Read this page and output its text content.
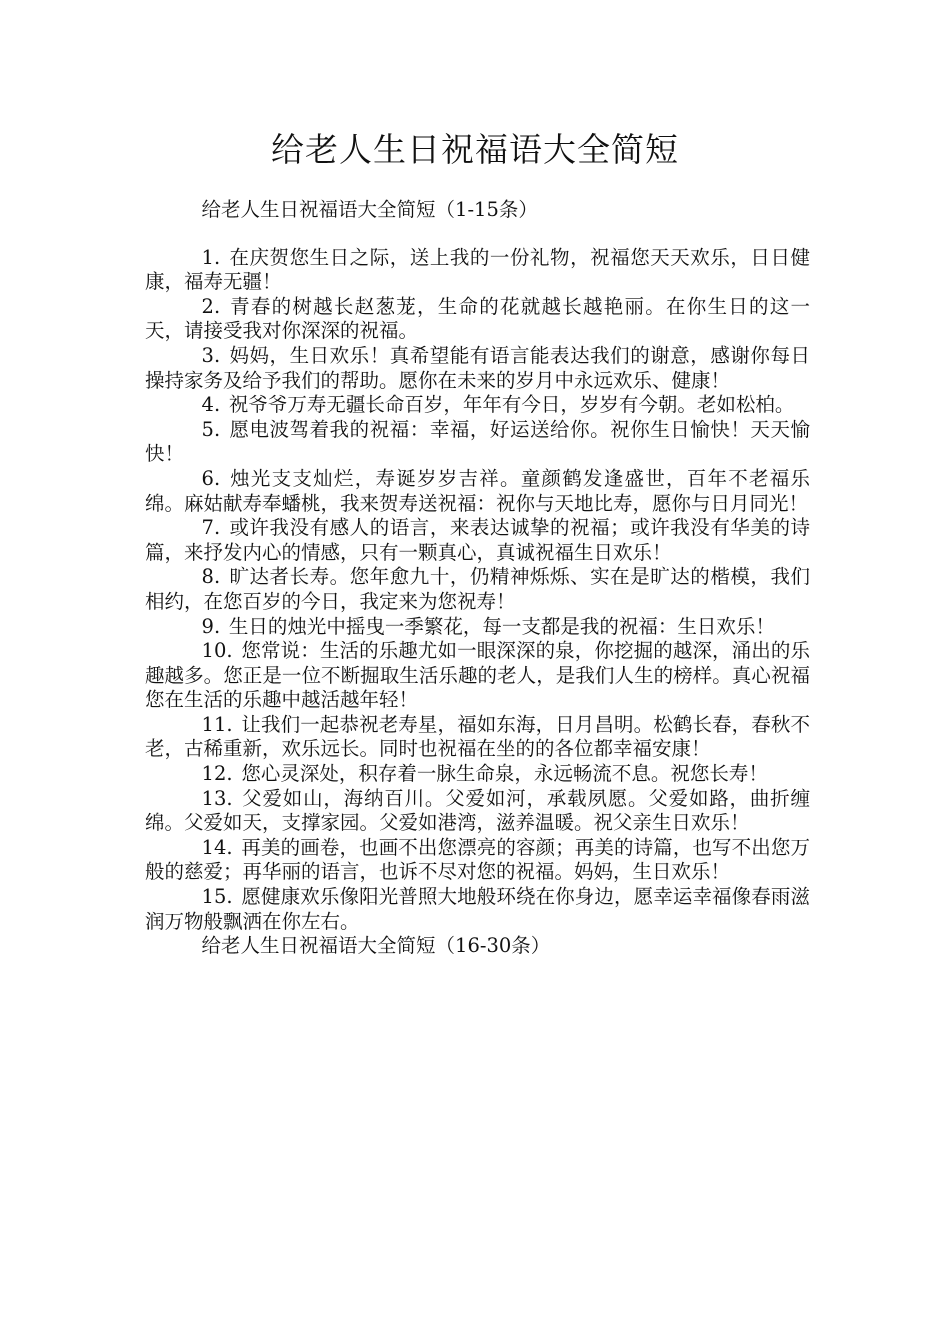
给老人生日祝福语大全简短

给老人生日祝福语大全简短（1-15条）

1. 在庆贺您生日之际，送上我的一份礼物，祝福您天天欢乐，日日健康，福寿无疆！

2. 青春的树越长赵葱茏，生命的花就越长越艳丽。在你生日的这一天，请接受我对你深深的祝福。

3. 妈妈，生日欢乐！真希望能有语言能表达我们的谢意，感谢你每日操持家务及给予我们的帮助。愿你在未来的岁月中永远欢乐、健康！

4. 祝爷爷万寿无疆长命百岁，年年有今日，岁岁有今朝。老如松柏。

5. 愿电波驾着我的祝福：幸福，好运送给你。祝你生日愉快！天天愉快！

6. 烛光支支灿烂，寿诞岁岁吉祥。童颜鹤发逢盛世，百年不老福乐绵。麻姑献寿奉蟠桃，我来贺寿送祝福：祝你与天地比寿，愿你与日月同光！

7. 或许我没有感人的语言，来表达诚挚的祝福；或许我没有华美的诗篇，来抒发内心的情感，只有一颗真心，真诚祝福生日欢乐！

8. 旷达者长寿。您年愈九十，仍精神烁烁、实在是旷达的楷模，我们相约，在您百岁的今日，我定来为您祝寿！

9. 生日的烛光中摇曳一季繁花，每一支都是我的祝福：生日欢乐！

10. 您常说：生活的乐趣尤如一眼深深的泉，你挖掘的越深，涌出的乐趣越多。您正是一位不断掘取生活乐趣的老人，是我们人生的榜样。真心祝福您在生活的乐趣中越活越年轻！

11. 让我们一起恭祝老寿星，福如东海，日月昌明。松鹤长春，春秋不老，古稀重新，欢乐远长。同时也祝福在坐的的各位都幸福安康！

12. 您心灵深处，积存着一脉生命泉，永远畅流不息。祝您长寿！

13. 父爱如山，海纳百川。父爱如河，承载夙愿。父爱如路，曲折缠绵。父爱如天，支撑家园。父爱如港湾，滋养温暖。祝父亲生日欢乐！

14. 再美的画卷，也画不出您漂亮的容颜；再美的诗篇，也写不出您万般的慈爱；再华丽的语言，也诉不尽对您的祝福。妈妈，生日欢乐！

15. 愿健康欢乐像阳光普照大地般环绕在你身边，愿幸运幸福像春雨滋润万物般飘洒在你左右。

给老人生日祝福语大全简短（16-30条）
